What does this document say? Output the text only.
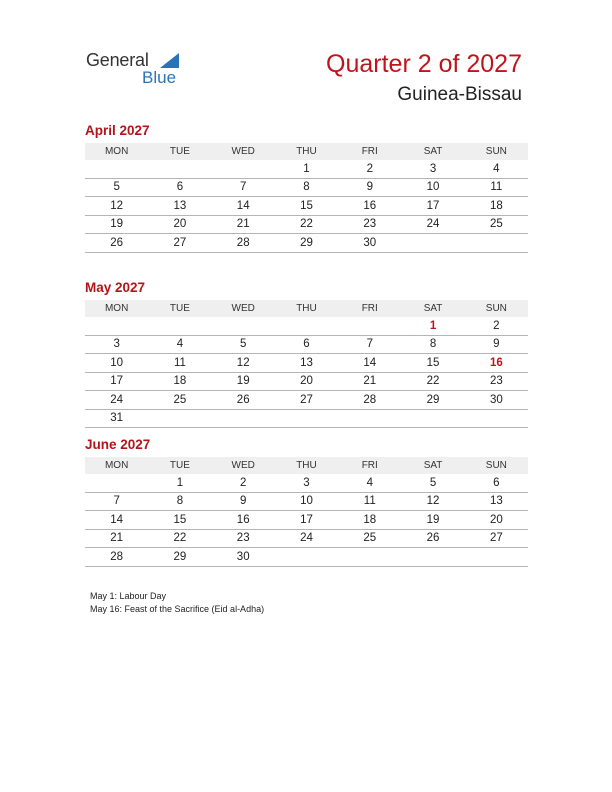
General
Blue	Quarter 2 of 2027
Guinea-Bissau
April 2027
MON	TUE	WED	THU	FRI	SAT	SUN
			1	2	3	4
5	6	7	8	9	10	11
12	13	14	15	16	17	18
19	20	21	22	23	24	25
26	27	28	29	30		
May 2027
MON	TUE	WED	THU	FRI	SAT	SUN
					1	2
3	4	5	6	7	8	9
10	11	12	13	14	15	16
17	18	19	20	21	22	23
24	25	26	27	28	29	30
31						
June 2027
MON	TUE	WED	THU	FRI	SAT	SUN
	1	2	3	4	5	6
7	8	9	10	11	12	13
14	15	16	17	18	19	20
21	22	23	24	25	26	27
28	29	30				
May 1: Labour Day
May 16: Feast of the Sacrifice (Eid al-Adha)
